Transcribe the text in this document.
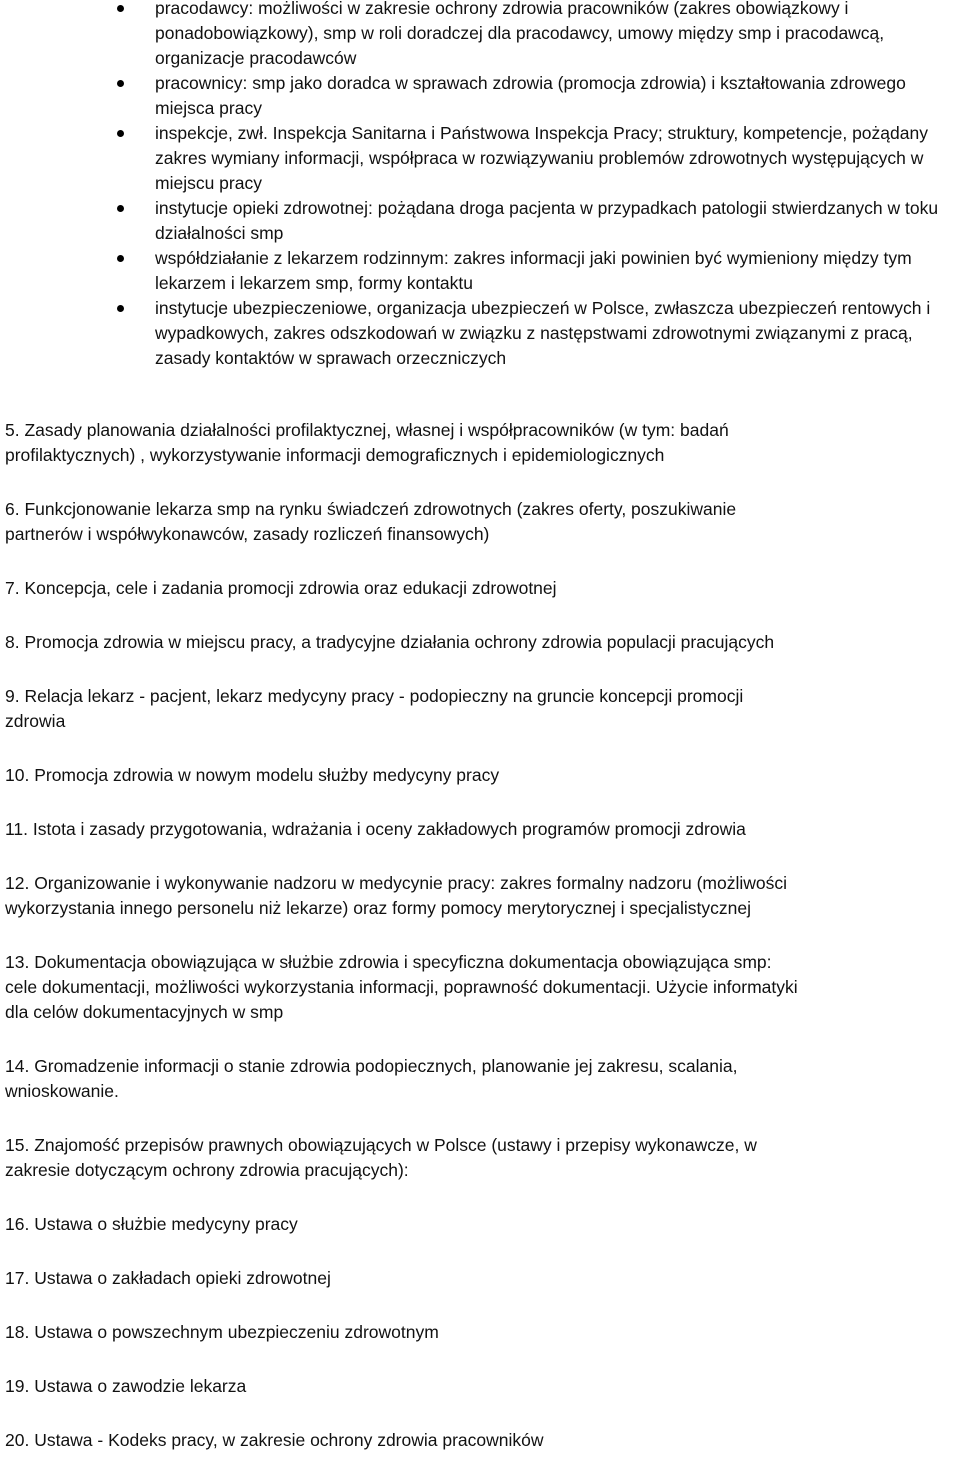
pracodawcy: możliwości w zakresie ochrony zdrowia pracowników (zakres obowiązkowy i ponadobowiązkowy), smp w roli doradczej dla pracodawcy, umowy między smp i pracodawcą, organizacje pracodawców
pracownicy: smp jako doradca w sprawach zdrowia (promocja zdrowia) i kształtowania zdrowego miejsca pracy
inspekcje, zwł. Inspekcja Sanitarna i Państwowa Inspekcja Pracy; struktury, kompetencje, pożądany zakres wymiany informacji, współpraca w rozwiązywaniu problemów zdrowotnych występujących w miejscu pracy
instytucje opieki zdrowotnej: pożądana droga pacjenta w przypadkach patologii stwierdzanych w toku działalności smp
współdziałanie z lekarzem rodzinnym: zakres informacji jaki powinien być wymieniony między tym lekarzem i lekarzem smp, formy kontaktu
instytucje ubezpieczeniowe, organizacja ubezpieczeń w Polsce, zwłaszcza ubezpieczeń rentowych i wypadkowych, zakres odszkodowań w związku z następstwami zdrowotnymi związanymi z pracą, zasady kontaktów w sprawach orzeczniczych
5. Zasady planowania działalności profilaktycznej, własnej i współpracowników (w tym: badań
profilaktycznych) , wykorzystywanie informacji demograficznych i epidemiologicznych
6. Funkcjonowanie lekarza smp na rynku świadczeń zdrowotnych (zakres oferty, poszukiwanie
partnerów i współwykonawców, zasady rozliczeń finansowych)
7. Koncepcja, cele i zadania promocji zdrowia oraz edukacji zdrowotnej
8. Promocja zdrowia w miejscu pracy, a tradycyjne działania ochrony zdrowia populacji pracujących
9. Relacja lekarz - pacjent, lekarz medycyny pracy - podopieczny na gruncie koncepcji promocji
zdrowia
10. Promocja zdrowia w nowym modelu służby medycyny pracy
11. Istota i zasady przygotowania, wdrażania i oceny zakładowych programów promocji zdrowia
12. Organizowanie i wykonywanie nadzoru w medycynie pracy: zakres formalny nadzoru (możliwości
wykorzystania innego personelu niż lekarze) oraz formy pomocy merytorycznej i specjalistycznej
13. Dokumentacja obowiązująca w służbie zdrowia i specyficzna dokumentacja obowiązująca smp:
cele dokumentacji, możliwości wykorzystania informacji, poprawność dokumentacji. Użycie informatyki
dla celów dokumentacyjnych w smp
14. Gromadzenie informacji o stanie zdrowia podopiecznych, planowanie jej zakresu, scalania,
wnioskowanie.
15. Znajomość przepisów prawnych obowiązujących w Polsce (ustawy i przepisy wykonawcze, w
zakresie dotyczącym ochrony zdrowia pracujących):
16. Ustawa o służbie medycyny pracy
17. Ustawa o zakładach opieki zdrowotnej
18. Ustawa o powszechnym ubezpieczeniu zdrowotnym
19. Ustawa o zawodzie lekarza
20. Ustawa - Kodeks pracy, w zakresie ochrony zdrowia pracowników
